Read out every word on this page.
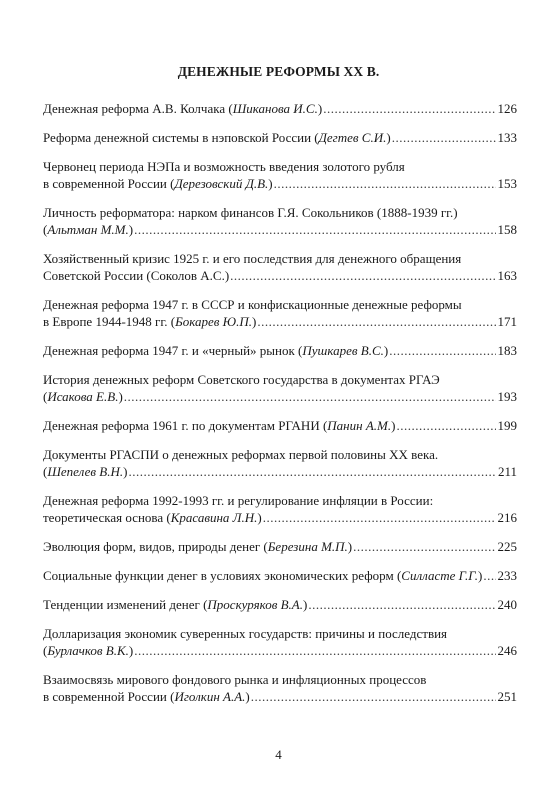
ДЕНЕЖНЫЕ РЕФОРМЫ XX В.
Денежная реформа А.В. Колчака (Шиканова И.С.) .....	126
Реформа денежной системы в нэповской России (Дегтев С.И.) .....	133
Червонец периода НЭПа и возможность введения золотого рубля
в современной России (Дерезовский Д.В.) .....	153
Личность реформатора: нарком финансов Г.Я. Сокольников (1888-1939 гг.)
(Альтман М.М.) .....	158
Хозяйственный кризис 1925 г. и его последствия для денежного обращения
Советской России (Соколов А.С.) .....	163
Денежная реформа 1947 г. в СССР и конфискационные денежные реформы
в Европе 1944-1948 гг. (Бокарев Ю.П.) .....	171
Денежная реформа 1947 г. и «черный» рынок (Пушкарев В.С.) .....	183
История денежных реформ Советского государства в документах РГАЭ
(Исакова Е.В.) .....	193
Денежная реформа 1961 г. по документам РГАНИ (Панин А.М.) .....	199
Документы РГАСПИ о денежных реформах первой половины XX века.
(Шепелев В.Н.) .....	211
Денежная реформа 1992-1993 гг. и регулирование инфляции в России:
теоретическая основа (Красавина Л.Н.) .....	216
Эволюция форм, видов, природы денег (Березина М.П.) .....	225
Социальные функции денег в условиях экономических реформ (Силласте Г.Г.) ..... 233
Тенденции изменений денег (Проскуряков В.А.) .....	240
Долларизация экономик суверенных государств: причины и последствия
(Бурлачков В.К.) .....	246
Взаимосвязь мирового фондового рынка и инфляционных процессов
в современной России (Иголкин А.А.) .....	251
4
